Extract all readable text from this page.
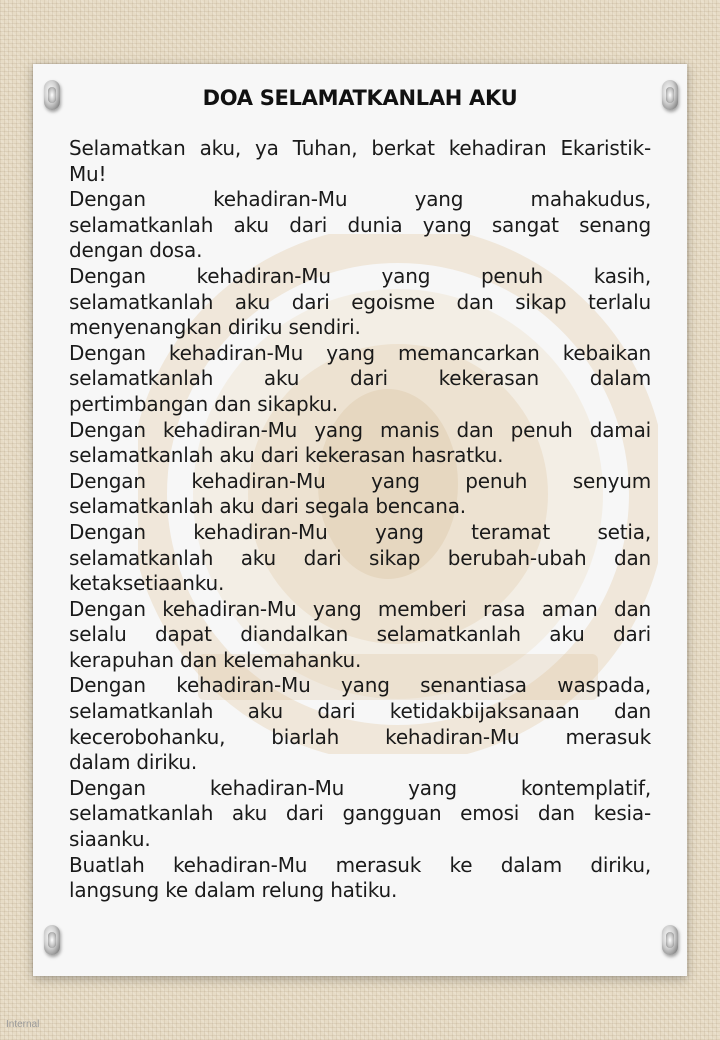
DOA SELAMATKANLAH AKU

Selamatkan aku, ya Tuhan, berkat kehadiran Ekaristik-
Mu!

Dengan kehadiran-Mu yang mahakudus,
selamatkanlah aku dari dunia yang sangat senang
dengan dosa.

Dengan kehadiran-Mu yang penuh kasih,
selamatkanlah aku dari egoisme dan sikap terlalu
menyenangkan diriku sendiri.

Dengan kehadiran-Mu yang memancarkan kebaikan
selamatkanlah aku dari kekerasan dalam
pertimbangan dan sikapku.

Dengan kehadiran-Mu yang manis dan penuh damai
selamatkanlah aku dari kekerasan hasratku.

Dengan kehadiran-Mu yang penuh senyum
selamatkanlah aku dari segala bencana.

Dengan kehadiran-Mu yang teramat setia,
selamatkanlah aku dari sikap berubah-ubah dan
ketaksetiaanku.

Dengan kehadiran-Mu yang memberi rasa aman dan
selalu dapat diandalkan selamatkanlah aku dari
kerapuhan dan kelemahanku.

Dengan kehadiran-Mu yang senantiasa waspada,
selamatkanlah aku dari ketidakbijaksanaan dan
kecerobohanku, biarlah kehadiran-Mu merasuk
dalam diriku.

Dengan kehadiran-Mu yang kontemplatif,
selamatkanlah aku dari gangguan emosi dan kesia-
siaanku.

Buatlah kehadiran-Mu merasuk ke dalam diriku,
langsung ke dalam relung hatiku.

Internal
